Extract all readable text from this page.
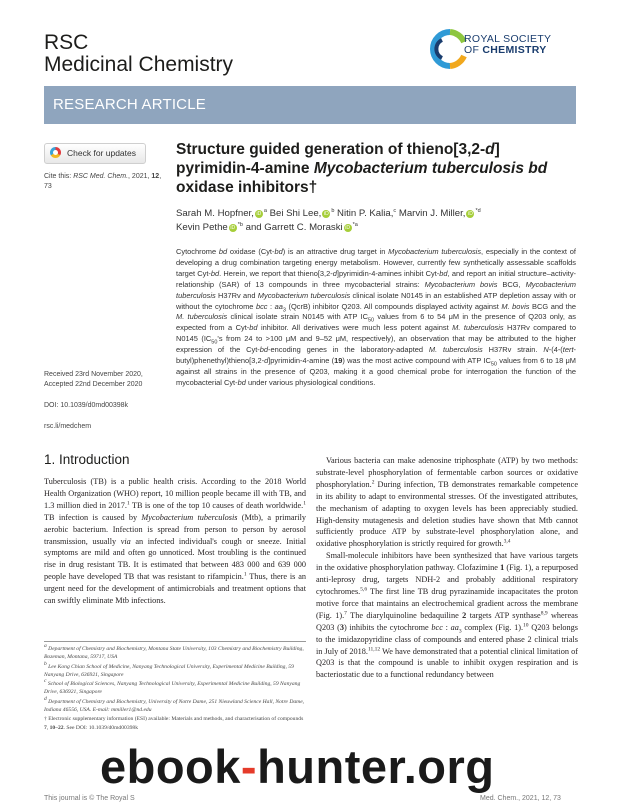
RSC
Medicinal Chemistry
ROYAL SOCIETY
OF CHEMISTRY
RESEARCH ARTICLE
Check for updates
Cite this: RSC Med. Chem., 2021, 12, 73
Received 23rd November 2020,
Accepted 22nd December 2020
DOI: 10.1039/d0md00398k
rsc.li/medchem
Structure guided generation of thieno[3,2-d]
pyrimidin-4-amine Mycobacterium tuberculosis bd
oxidase inhibitors†
Sarah M. Hopfner, $iD^a$ Bei Shi Lee, $iD^b$ Nitin P. Kalia,$^c$ Marvin J. Miller, $iD^{*d}$
Kevin Pethe $iD^{*b}$ and Garrett C. Moraski $iD^{*a}$
Cytochrome bd oxidase (Cyt-bd) is an attractive drug target in Mycobacterium tuberculosis, especially in the context of developing a drug combination targeting energy metabolism. However, currently few synthetically assessable scaffolds target Cyt-bd. Herein, we report that thieno[3,2-d]pyrimidin-4-amines inhibit Cyt-bd, and report an initial structure–activity-relationship (SAR) of 13 compounds in three mycobacterial strains: Mycobacterium bovis BCG, Mycobacterium tuberculosis H37Rv and Mycobacterium tuberculosis clinical isolate N0145 in an established ATP depletion assay with or without the cytochrome bcc : $aa_3$ (QcrB) inhibitor Q203. All compounds displayed activity against M. bovis BCG and the M. tuberculosis clinical isolate strain N0145 with ATP $IC_{50}$ values from 6 to 54 μM in the presence of Q203 only, as expected from a Cyt-bd inhibitor. All derivatives were much less potent against M. tuberculosis H37Rv compared to N0145 ($IC_{50}'s$ from 24 to >100 μM and 9–52 μM, respectively), an observation that may be attributed to the higher expression of the Cyt-bd-encoding genes in the laboratory-adapted M. tuberculosis H37Rv strain. N-(4-(tert-butyl)phenethyl)thieno[3,2-d]pyrimidin-4-amine (19) was the most active compound with ATP $IC_{50}$ values from 6 to 18 μM against all strains in the presence of Q203, making it a good chemical probe for interrogation the function of the mycobacterial Cyt-bd under various physiological conditions.
1. Introduction

Tuberculosis (TB) is a public health crisis. According to the 2018 World Health Organization (WHO) report, 10 million people became ill with TB, and 1.3 million died in 2017.$^1$ TB is one of the top 10 causes of death worldwide.$^1$ TB infection is caused by Mycobacterium tuberculosis (Mtb), a primarily aerobic bacterium. Infection is spread from person to person by aerosol transmission, usually via an infected individual's cough or sneeze. Initial symptoms are mild and often go unnoticed. Most troubling is the continued rise in drug resistant TB. It is estimated that between 483 000 and 639 000 people have developed TB that was resistant to rifampicin.$^1$ Thus, there is an urgent need for the development of antimicrobials and treatment options that can swiftly eliminate Mtb infections.

Various bacteria can make adenosine triphosphate (ATP) by two methods: substrate-level phosphorylation of fermentable carbon sources or oxidative phosphorylation.$^2$ During infection, TB demonstrates remarkable competence in its ability to adapt to environmental stresses. Of the investigated attributes, the mechanism of adapting to oxygen levels has been appreciably studied. High-density mutagenesis and deletion studies have shown that Mtb cannot sufficiently produce ATP by substrate-level phosphorylation alone, and oxidative phosphorylation is strictly required for growth.$^{3,4}$

Small-molecule inhibitors have been synthesized that have various targets in the oxidative phosphorylation pathway. Clofazimine 1 (Fig. 1), a repurposed anti-leprosy drug, targets NDH-2 and probably additional respiratory cytochromes.$^{5,6}$ The first line TB drug pyrazinamide incapacitates the proton motive force that maintains an electrochemical gradient across the membrane (Fig. 1).$^7$ The diarylquinoline bedaquiline 2 targets ATP synthase$^{8,9}$ whereas Q203 (3) inhibits the cytochrome bcc : $aa_3$ complex (Fig. 1).$^{10}$ Q203 belongs to the imidazopyridine class of compounds and entered phase 2 clinical trials in July of 2018.$^{11,12}$ We have demonstrated that a potential clinical limitation of Q203 is that the compound is unable to inhibit oxygen respiration and is bacteriostatic due to a functional redundancy between

$^a$ Department of Chemistry and Biochemistry, Montana State University, 103 Chemistry and Biochemistry Building, Bozeman, Montana, 59717, USA
$^b$ Lee Kong Chian School of Medicine, Nanyang Technological University, Experimental Medicine Building, 59 Nanyang Drive, 636921, Singapore
$^c$ School of Biological Sciences, Nanyang Technological University, Experimental Medicine Building, 59 Nanyang Drive, 636921, Singapore
$^d$ Department of Chemistry and Biochemistry, University of Notre Dame, 251 Nieuwland Science Hall, Notre Dame, Indiana 46556, USA. E-mail: mmiller1@nd.edu
† Electronic supplementary information (ESI) available: Materials and methods, and characterisation of compounds 7, 10–22. See DOI: 10.1039/d0md00398k
This journal is © The Royal S	Med. Chem., 2021, 12, 73
ebook-hunter.org
